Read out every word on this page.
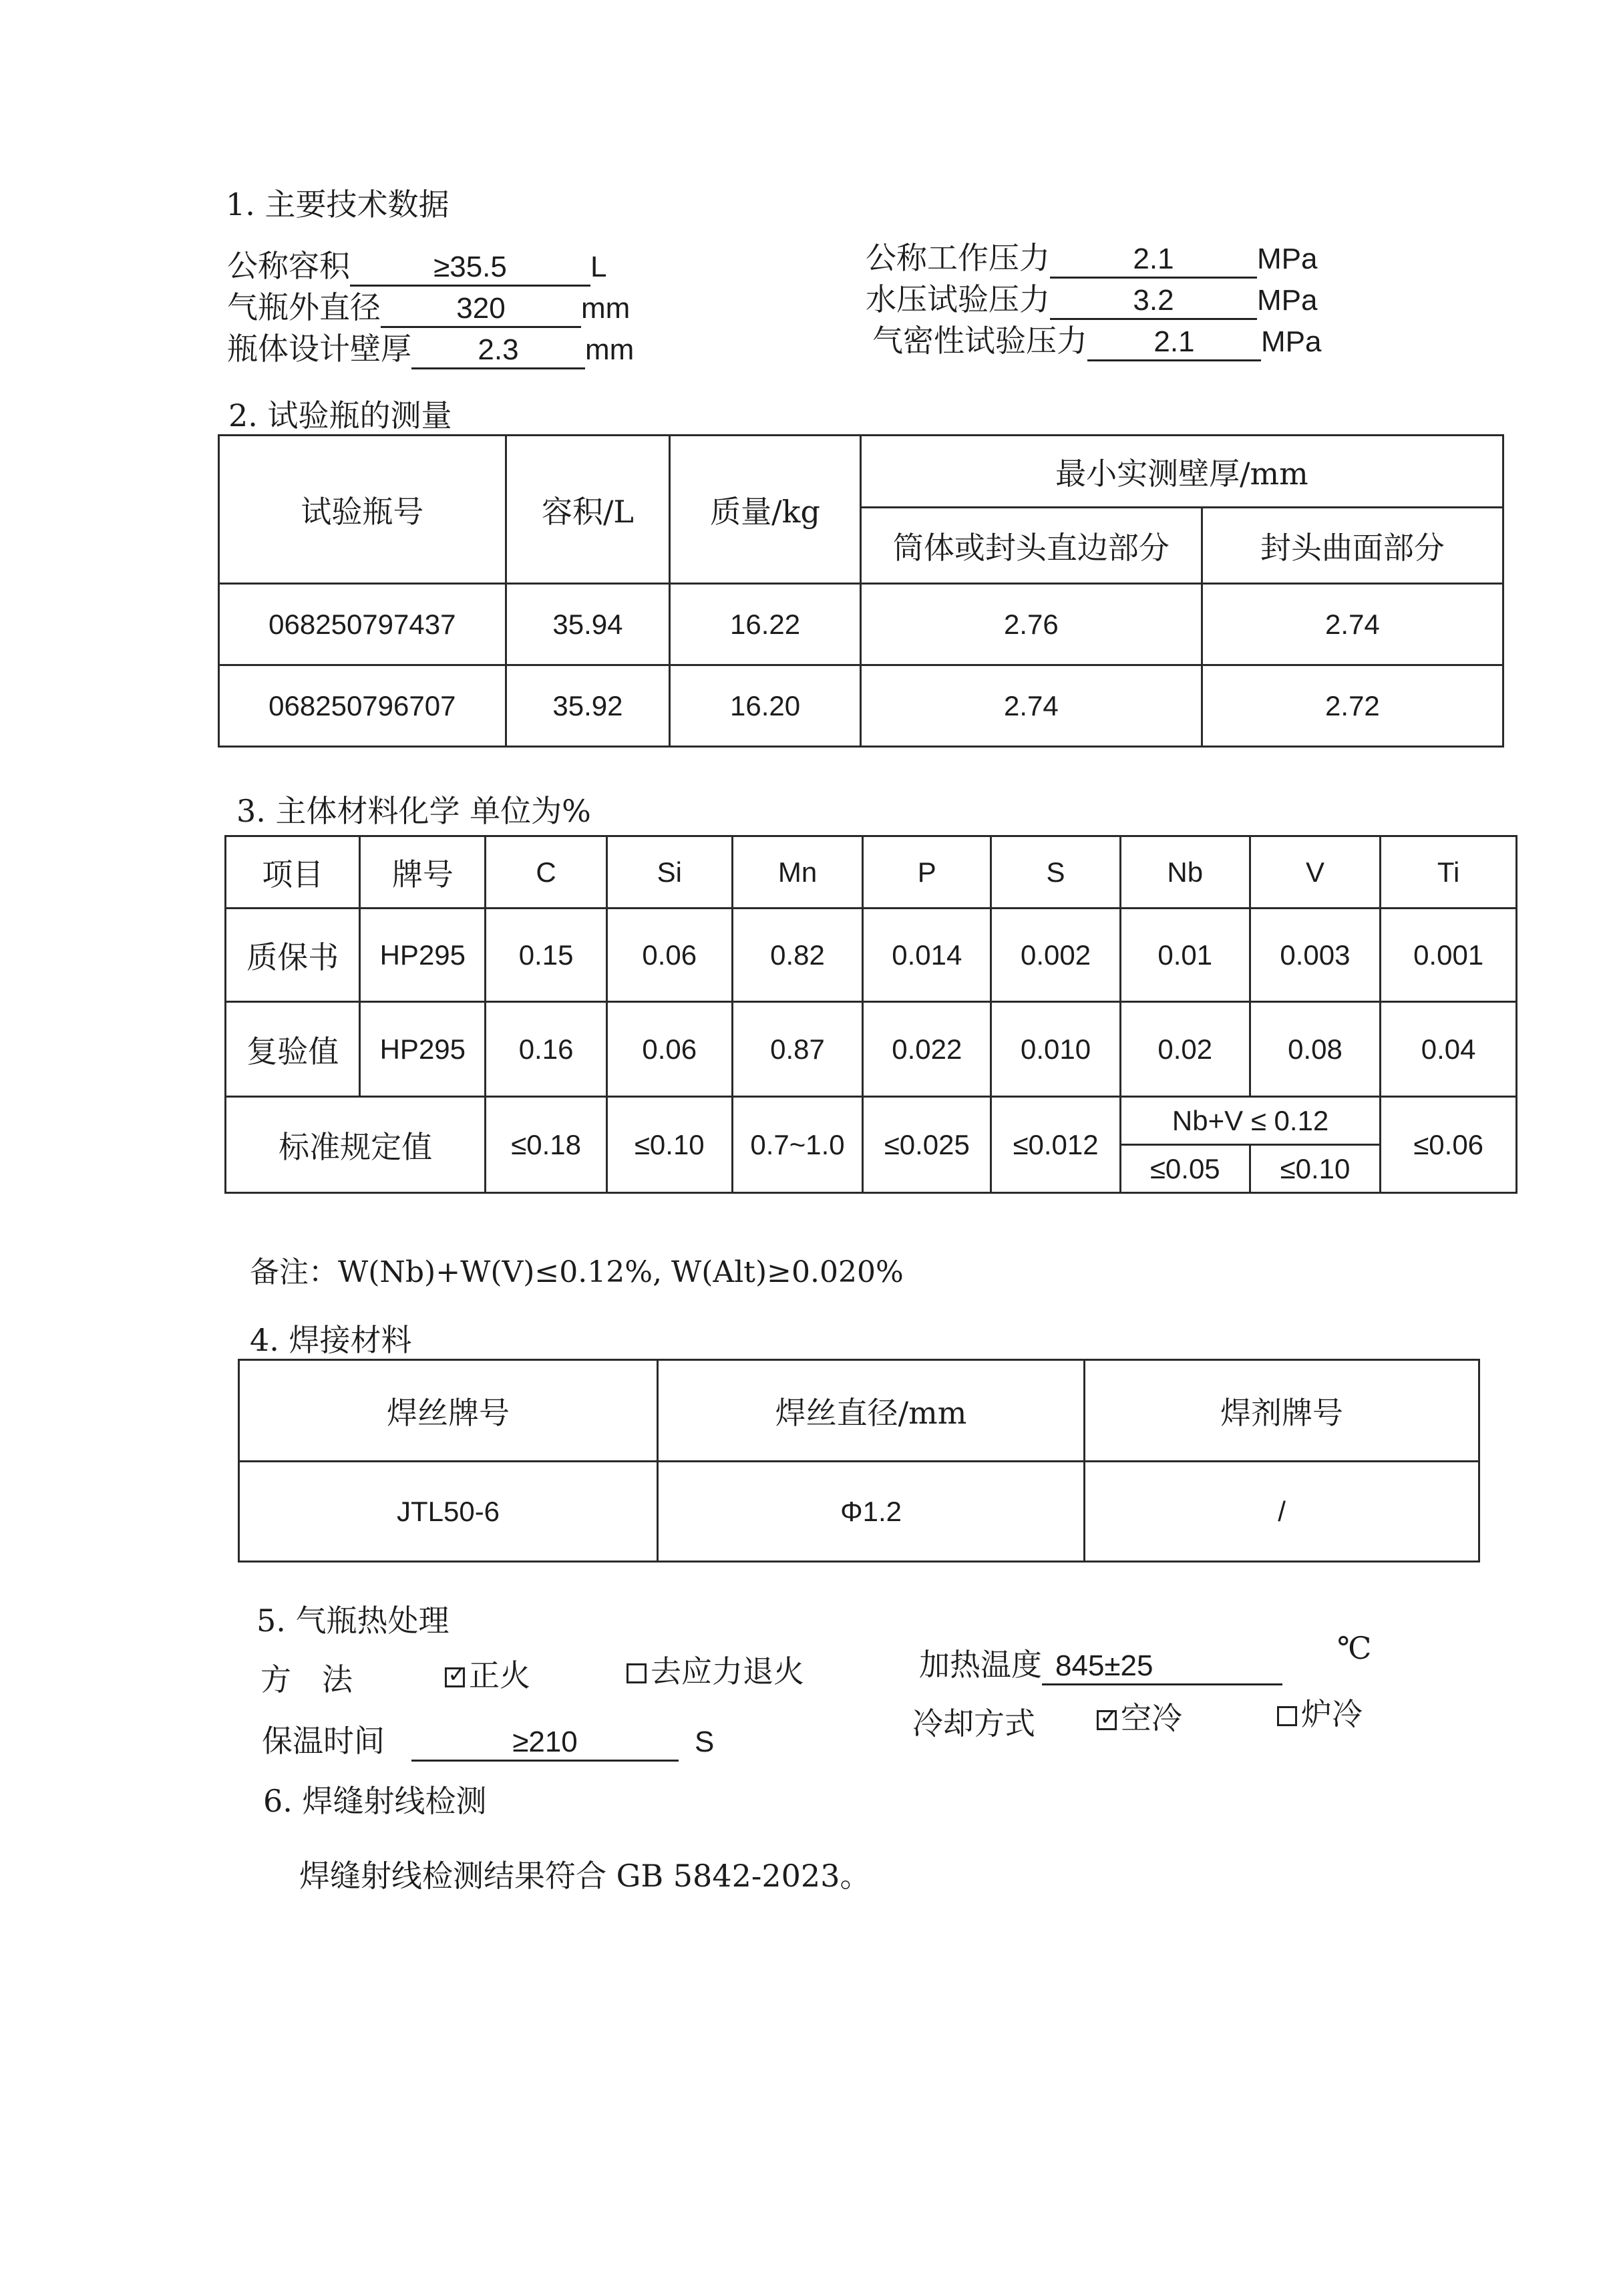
1. 主要技术数据
公称容积	≥35.5	L
气瓶外直径	320	mm
瓶体设计壁厚 2.3 mm
公称工作压力	2.1	MPa
水压试验压力	3.2	MPa
气密性试验压力 2.1 MPa
2. 试验瓶的测量
试验瓶号	容积/L	质量/kg	最小实测壁厚/mm	
			筒体或封头直边部分	封头曲面部分
068250797437	35.94	16.22	2.76	2.74
068250796707	35.92	16.20	2.74	2.72
3. 主体材料化学 单位为%
项目	牌号	C	Si	Mn	P	S	Nb	V	Ti
质保书	HP295	0.15	0.06	0.82	0.014	0.002	0.01	0.003	0.001
复验值	HP295	0.16	0.06	0.87	0.022	0.010	0.02	0.08	0.04
标准规定值		≤0.18	≤0.10	0.7~1.0	≤0.025	≤0.012	Nb+V ≤ 0.12		≤0.06
							≤0.05	≤0.10	
备注：W(Nb)+W(V)≤0.12%, W(Alt)≥0.020%
4. 焊接材料
焊丝牌号	焊丝直径/mm	焊剂牌号
JTL50-6	Φ1.2	/
5. 气瓶热处理
方　法 ✓	正火	去应力退火	加热温度 845±25	℃
保温时间	≥210	S
冷却方式 ✓	空冷	炉冷
6. 焊缝射线检测
焊缝射线检测结果符合 GB 5842-2023。
